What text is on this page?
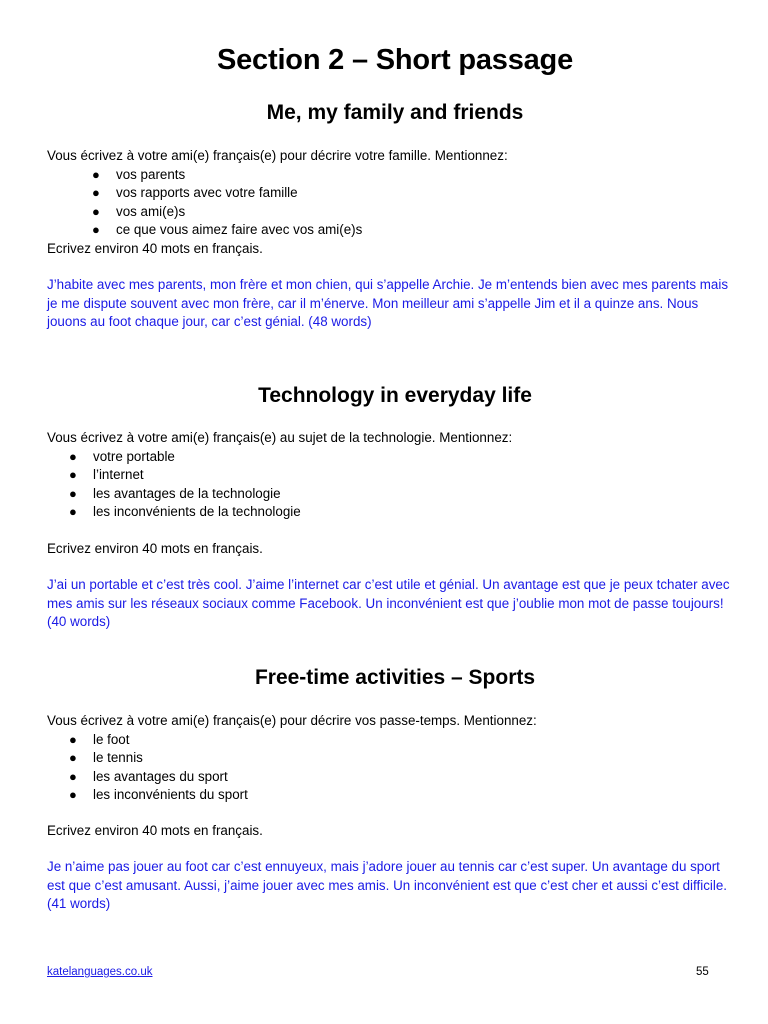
Section 2 – Short passage
Me, my family and friends
Vous écrivez à votre ami(e) français(e) pour décrire votre famille. Mentionnez:
● vos parents
● vos rapports avec votre famille
● vos ami(e)s
● ce que vous aimez faire avec vos ami(e)s
Ecrivez environ 40 mots en français.
J’habite avec mes parents, mon frère et mon chien, qui s’appelle Archie. Je m’entends bien avec mes parents mais je me dispute souvent avec mon frère, car il m’énerve. Mon meilleur ami s’appelle Jim et il a quinze ans. Nous jouons au foot chaque jour, car c’est génial. (48 words)
Technology in everyday life
Vous écrivez à votre ami(e) français(e) au sujet de la technologie. Mentionnez:
● votre portable
● l’internet
● les avantages de la technologie
● les inconvénients de la technologie
Ecrivez environ 40 mots en français.
J’ai un portable et c’est très cool. J’aime l’internet car c’est utile et génial. Un avantage est que je peux tchater avec mes amis sur les réseaux sociaux comme Facebook. Un inconvénient est que j’oublie mon mot de passe toujours! (40 words)
Free-time activities – Sports
Vous écrivez à votre ami(e) français(e) pour décrire vos passe-temps. Mentionnez:
● le foot
● le tennis
● les avantages du sport
● les inconvénients du sport
Ecrivez environ 40 mots en français.
Je n’aime pas jouer au foot car c’est ennuyeux, mais j’adore jouer au tennis car c’est super. Un avantage du sport est que c’est amusant. Aussi, j’aime jouer avec mes amis. Un inconvénient est que c’est cher et aussi c’est difficile. (41 words)
katelanguages.co.uk	55
